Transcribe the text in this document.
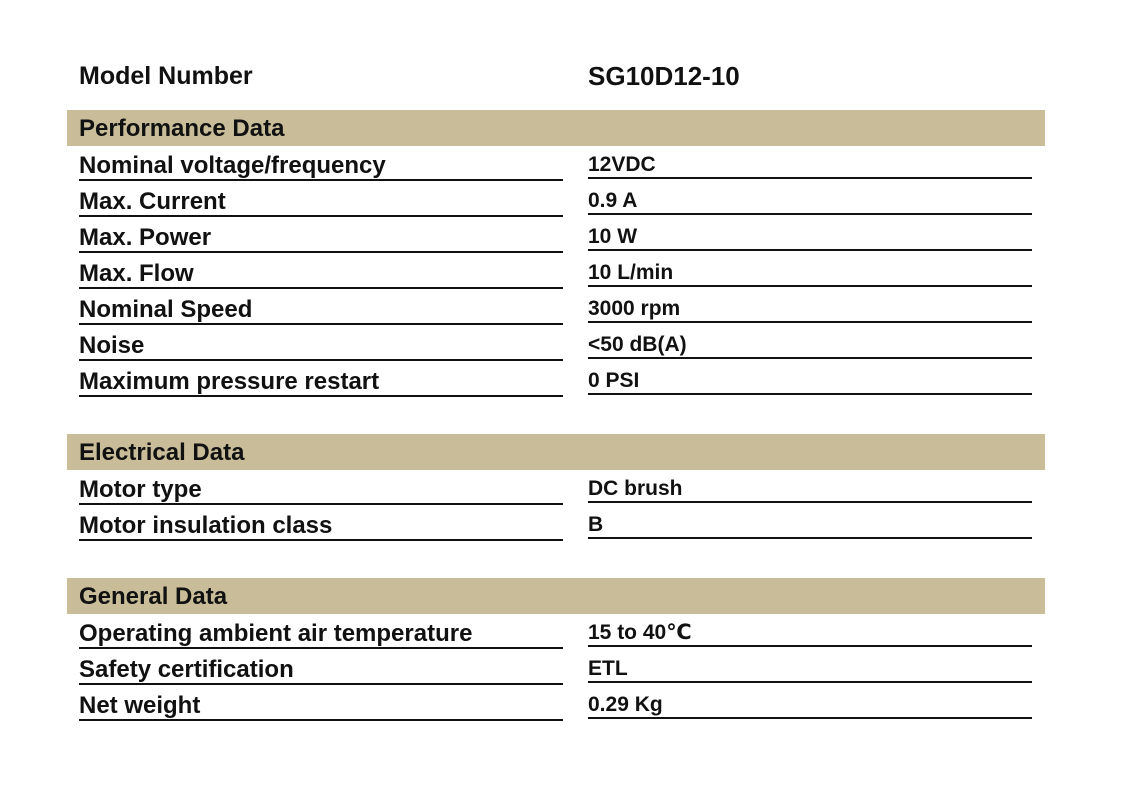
Model Number	SG10D12-10
Performance Data
Nominal voltage/frequency	12VDC
Max. Current	0.9 A
Max. Power	10 W
Max. Flow	10 L/min
Nominal Speed	3000 rpm
Noise	<50 dB(A)
Maximum pressure restart	0 PSI
Electrical Data
Motor type	DC brush
Motor insulation class	B
General Data
Operating ambient air temperature	15 to 40℃
Safety certification	ETL
Net weight	0.29 Kg
